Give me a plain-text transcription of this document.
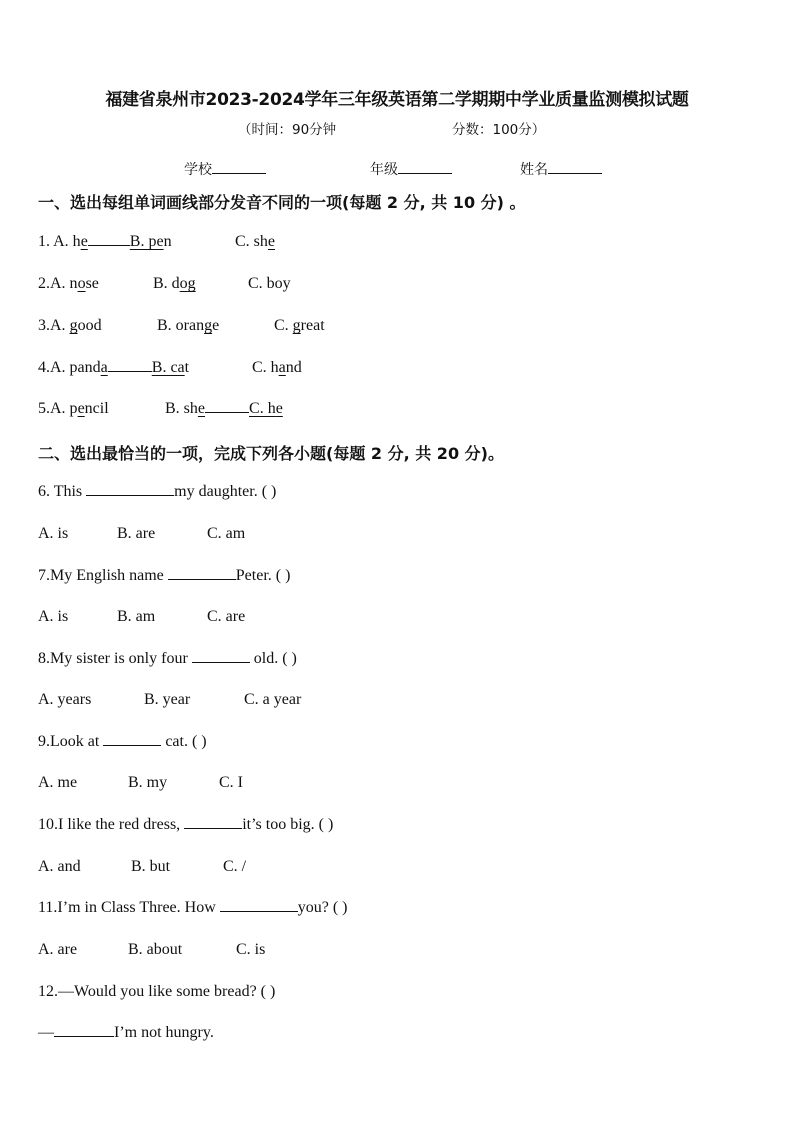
福建省泉州市2023-2024学年三年级英语第二学期期中学业质量监测模拟试题
（时间：90分钟	分数：100分）
学校	年级	姓名
一、选出每组单词画线部分发音不同的一项(每题 2 分, 共 10 分) 。
1. A. he	B. pen	C. she
2.A. nose	B. dog	C. boy
3.A. good	B. orange	C. great
4.A. panda	B. cat	C. hand
5.A. pencil	B. she	C. he
二、选出最恰当的一项，完成下列各小题(每题 2 分, 共 20 分)。
6. This	my daughter. ( )
A. is	B. are	C. am
7.My English name	Peter. ( )
A. is	B. am	C. are
8.My sister is only four	old. ( )
A. years	B. year	C. a year
9.Look at	cat. ( )
A. me	B. my	C. I
10.I like the red dress,	it’s too big. ( )
A. and	B. but	C. /
11.I’m in Class Three. How	you? ( )
A. are	B. about	C. is
12.—Would you like some bread? ( )
—	I’m not hungry.
